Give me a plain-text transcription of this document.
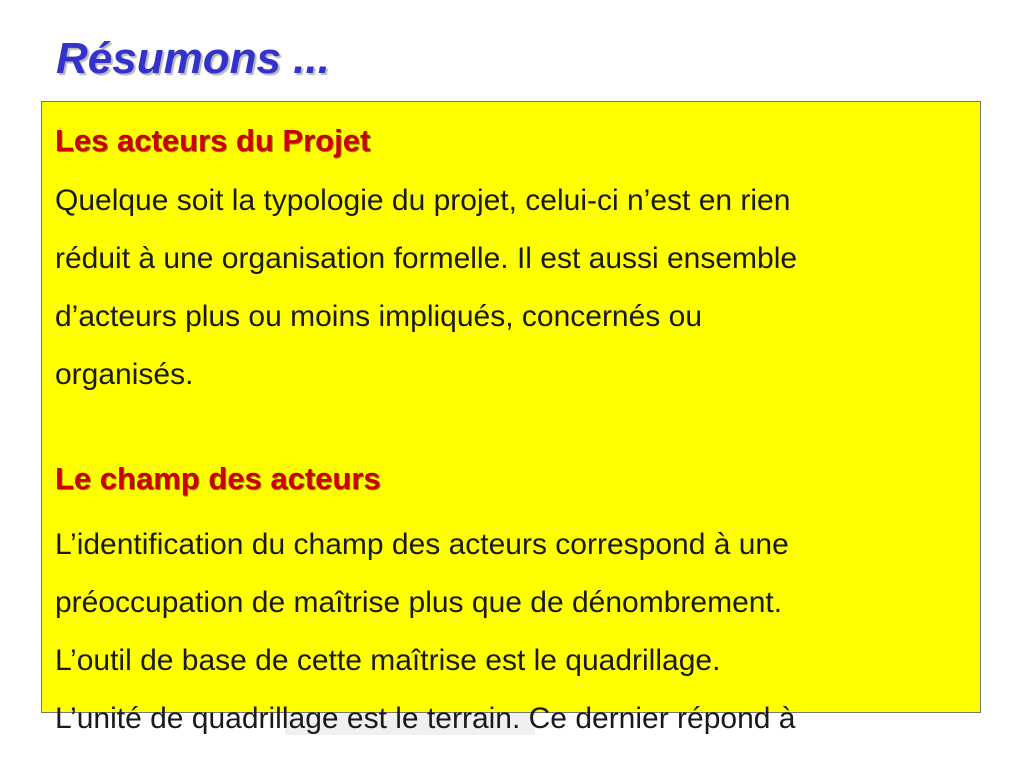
Résumons ...
Les acteurs du Projet
Quelque soit la typologie du projet, celui-ci n’est en rien
réduit à une organisation formelle. Il est aussi ensemble
d’acteurs plus ou moins impliqués, concernés ou
organisés.
Le champ des acteurs
L’identification du champ des acteurs correspond à une
préoccupation de maîtrise plus que de dénombrement.
L’outil de base de cette maîtrise est le quadrillage.
L’unité de quadrillage est le terrain. Ce dernier répond à
